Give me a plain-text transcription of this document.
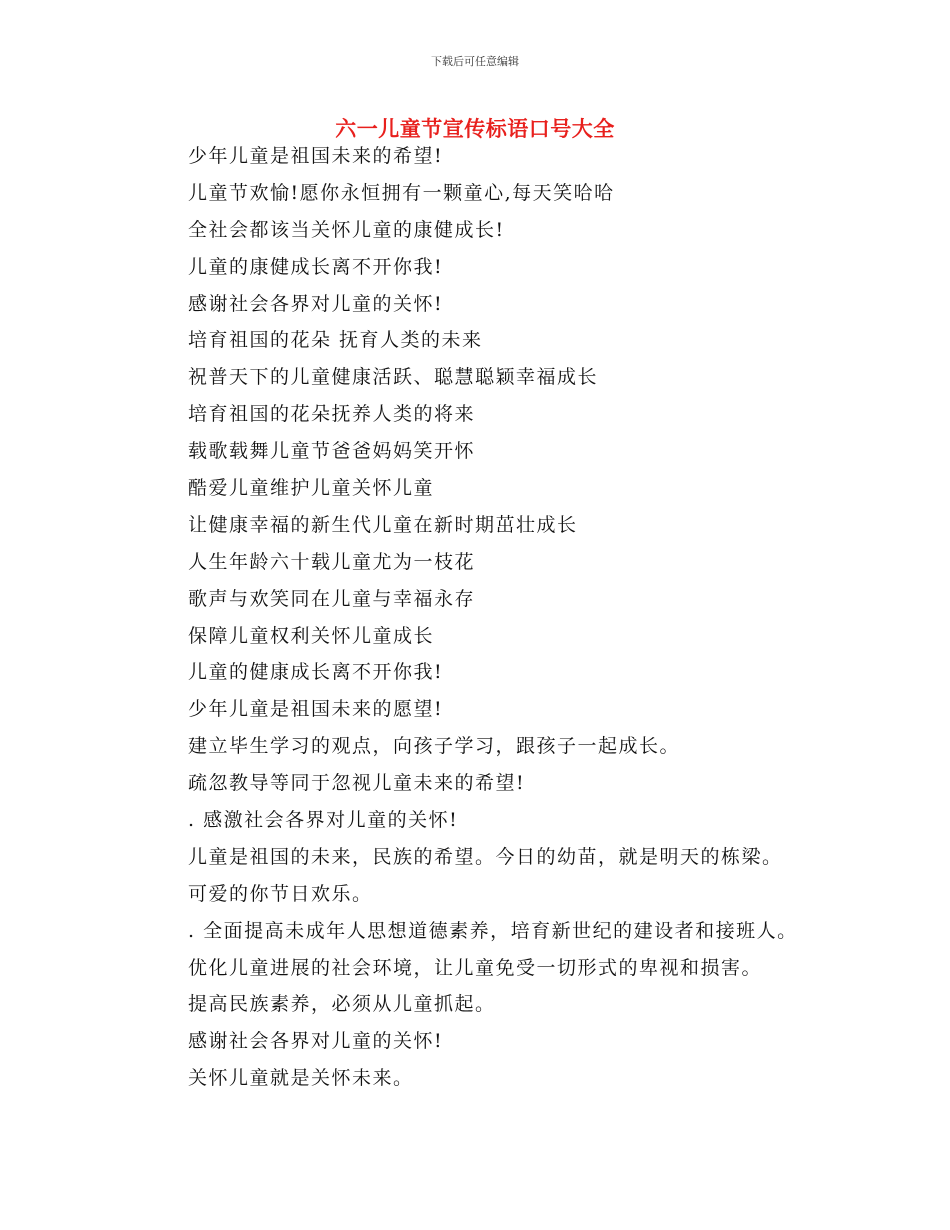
下载后可任意编辑
六一儿童节宣传标语口号大全
少年儿童是祖国未来的希望!
儿童节欢愉!愿你永恒拥有一颗童心,每天笑哈哈
全社会都该当关怀儿童的康健成长!
儿童的康健成长离不开你我!
感谢社会各界对儿童的关怀!
培育祖国的花朵 抚育人类的未来
祝普天下的儿童健康活跃、聪慧聪颖幸福成长
培育祖国的花朵抚养人类的将来
载歌载舞儿童节爸爸妈妈笑开怀
酷爱儿童维护儿童关怀儿童
让健康幸福的新生代儿童在新时期茁壮成长
人生年龄六十载儿童尤为一枝花
歌声与欢笑同在儿童与幸福永存
保障儿童权利关怀儿童成长
儿童的健康成长离不开你我!
少年儿童是祖国未来的愿望!
建立毕生学习的观点，向孩子学习，跟孩子一起成长。
疏忽教导等同于忽视儿童未来的希望!
. 感激社会各界对儿童的关怀!
儿童是祖国的未来，民族的希望。今日的幼苗，就是明天的栋梁。
可爱的你节日欢乐。
. 全面提高未成年人思想道德素养，培育新世纪的建设者和接班人。
优化儿童进展的社会环境，让儿童免受一切形式的卑视和损害。
提高民族素养，必须从儿童抓起。
感谢社会各界对儿童的关怀!
关怀儿童就是关怀未来。
